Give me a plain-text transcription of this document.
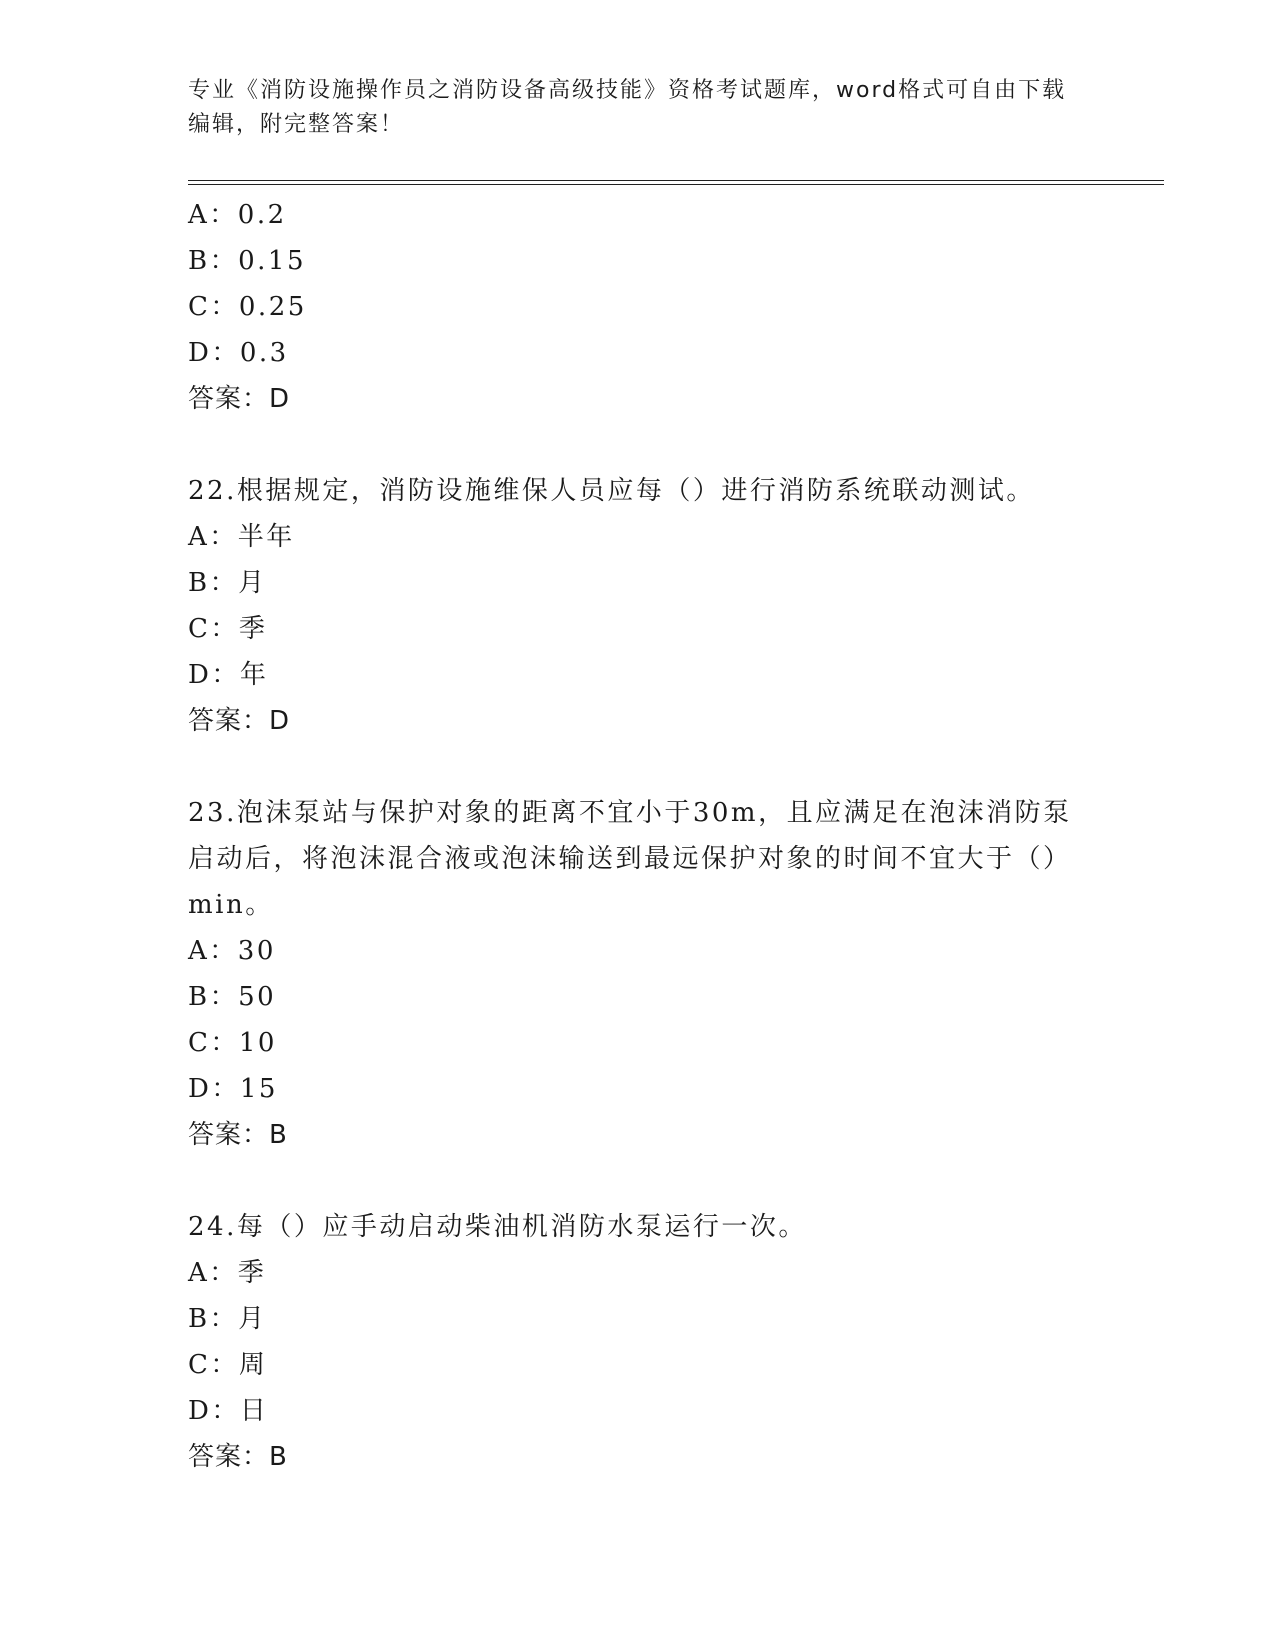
专业《消防设施操作员之消防设备高级技能》资格考试题库，word格式可自由下载编辑，附完整答案！
A：0.2
B：0.15
C：0.25
D：0.3
答案：D
22.根据规定，消防设施维保人员应每（）进行消防系统联动测试。
A：半年
B：月
C：季
D：年
答案：D
23.泡沫泵站与保护对象的距离不宜小于30m，且应满足在泡沫消防泵启动后，将泡沫混合液或泡沫输送到最远保护对象的时间不宜大于（）min。
A：30
B：50
C：10
D：15
答案：B
24.每（）应手动启动柴油机消防水泵运行一次。
A：季
B：月
C：周
D：日
答案：B
